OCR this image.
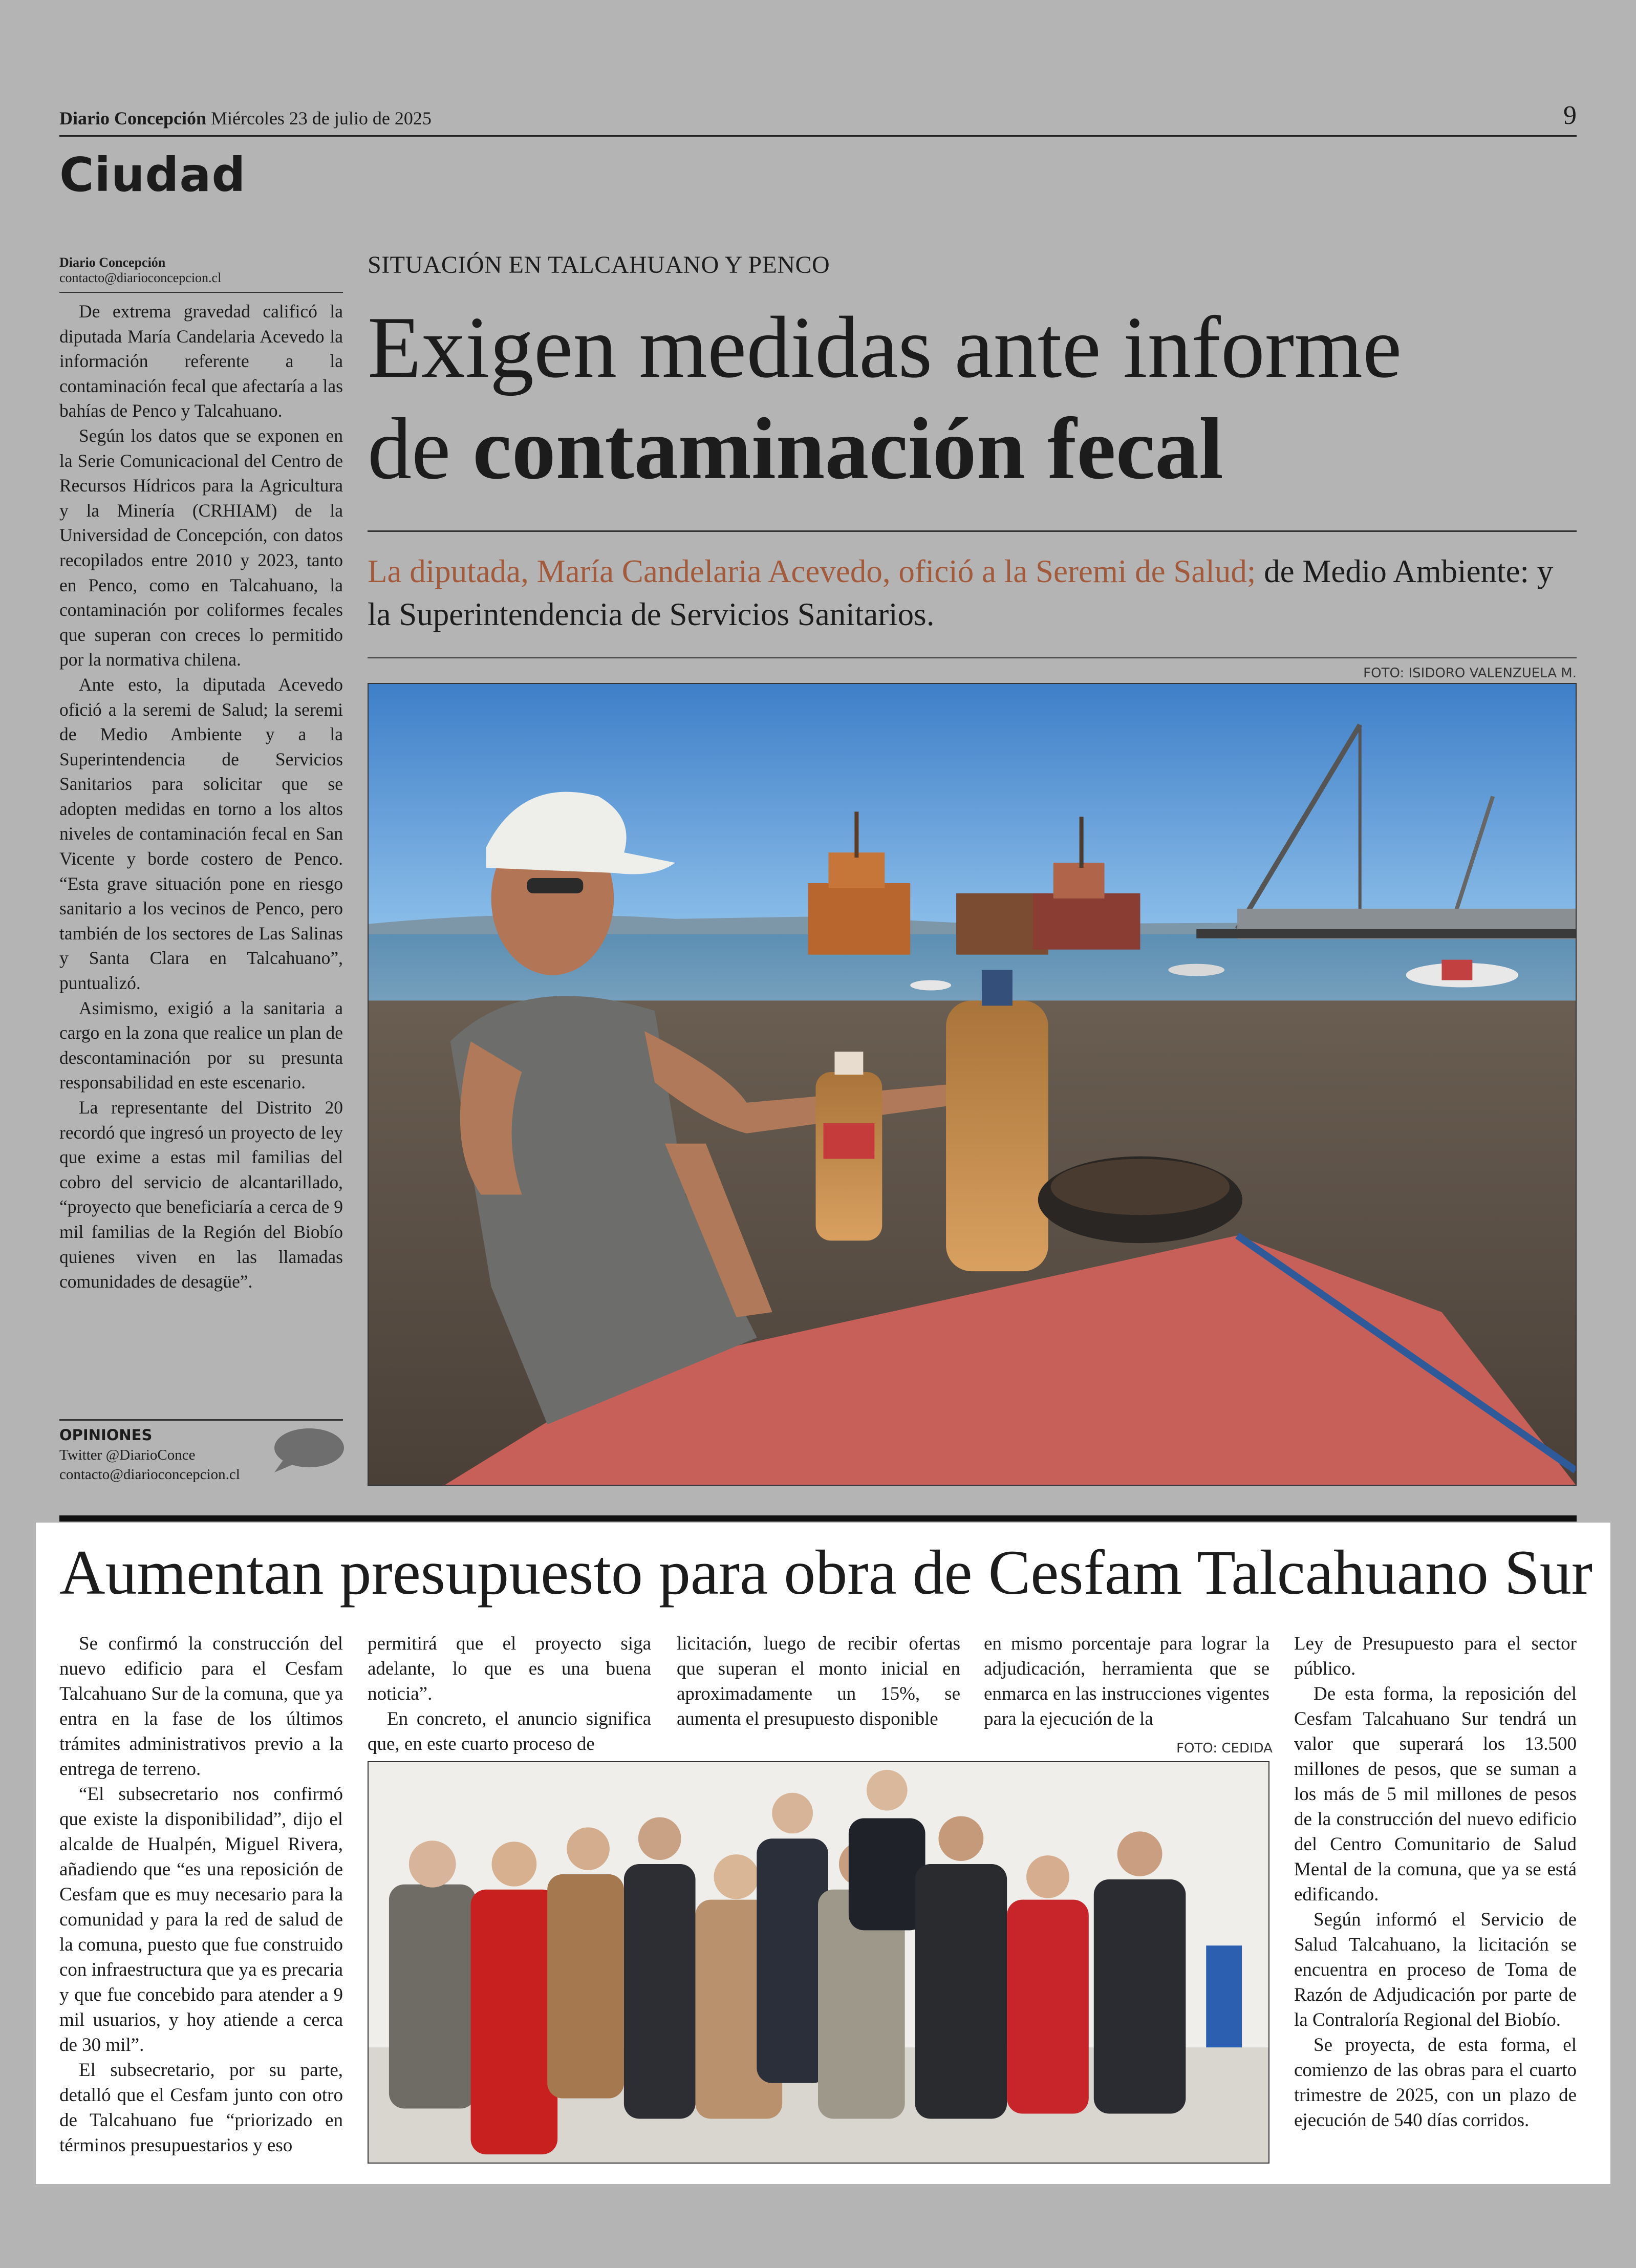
Diario Concepción Miércoles 23 de julio de 2025	9
Ciudad
Diario Concepción
contacto@diarioconcepcion.cl

De extrema gravedad calificó la diputada María Candelaria Acevedo la información referente a la contaminación fecal que afectaría a las bahías de Penco y Talcahuano.

Según los datos que se exponen en la Serie Comunicacional del Centro de Recursos Hídricos para la Agricultura y la Minería (CRHIAM) de la Universidad de Concepción, con datos recopilados entre 2010 y 2023, tanto en Penco, como en Talcahuano, la contaminación por coliformes fecales que superan con creces lo permitido por la normativa chilena.

Ante esto, la diputada Acevedo ofició a la seremi de Salud; la seremi de Medio Ambiente y a la Superintendencia de Servicios Sanitarios para solicitar que se adopten medidas en torno a los altos niveles de contaminación fecal en San Vicente y borde costero de Penco. “Esta grave situación pone en riesgo sanitario a los vecinos de Penco, pero también de los sectores de Las Salinas y Santa Clara en Talcahuano”, puntualizó.

Asimismo, exigió a la sanitaria a cargo en la zona que realice un plan de descontaminación por su presunta responsabilidad en este escenario.

La representante del Distrito 20 recordó que ingresó un proyecto de ley que exime a estas mil familias del cobro del servicio de alcantarillado, “proyecto que beneficiaría a cerca de 9 mil familias de la Región del Biobío quienes viven en las llamadas comunidades de desagüe”.

OPINIONES
Twitter @DiarioConce
contacto@diarioconcepcion.cl
SITUACIÓN EN TALCAHUANO Y PENCO
Exigen medidas ante informe
de contaminación fecal
La diputada, María Candelaria Acevedo, ofició a la Seremi de Salud; de Medio Ambiente: y la Superintendencia de Servicios Sanitarios.
FOTO: ISIDORO VALENZUELA M.
Aumentan presupuesto para obra de Cesfam Talcahuano Sur

Se confirmó la construcción del nuevo edificio para el Cesfam Talcahuano Sur de la comuna, que ya entra en la fase de los últimos trámites administrativos previo a la entrega de terreno.

“El subsecretario nos confirmó que existe la disponibilidad”, dijo el alcalde de Hualpén, Miguel Rivera, añadiendo que “es una reposición de Cesfam que es muy necesario para la comunidad y para la red de salud de la comuna, puesto que fue construido con infraestructura que ya es precaria y que fue concebido para atender a 9 mil usuarios, y hoy atiende a cerca de 30 mil”.

El subsecretario, por su parte, detalló que el Cesfam junto con otro de Talcahuano fue “priorizado en términos presupuestarios y eso

permitirá que el proyecto siga adelante, lo que es una buena noticia”.

En concreto, el anuncio significa que, en este cuarto proceso de

licitación, luego de recibir ofertas que superan el monto inicial en aproximadamente un 15%, se aumenta el presupuesto disponible

en mismo porcentaje para lograr la adjudicación, herramienta que se enmarca en las instrucciones vigentes para la ejecución de la

Ley de Presupuesto para el sector público.

De esta forma, la reposición del Cesfam Talcahuano Sur tendrá un valor que superará los 13.500 millones de pesos, que se suman a los más de 5 mil millones de pesos de la construcción del nuevo edificio del Centro Comunitario de Salud Mental de la comuna, que ya se está edificando.

Según informó el Servicio de Salud Talcahuano, la licitación se encuentra en proceso de Toma de Razón de Adjudicación por parte de la Contraloría Regional del Biobío.

Se proyecta, de esta forma, el comienzo de las obras para el cuarto trimestre de 2025, con un plazo de ejecución de 540 días corridos.

FOTO: CEDIDA
